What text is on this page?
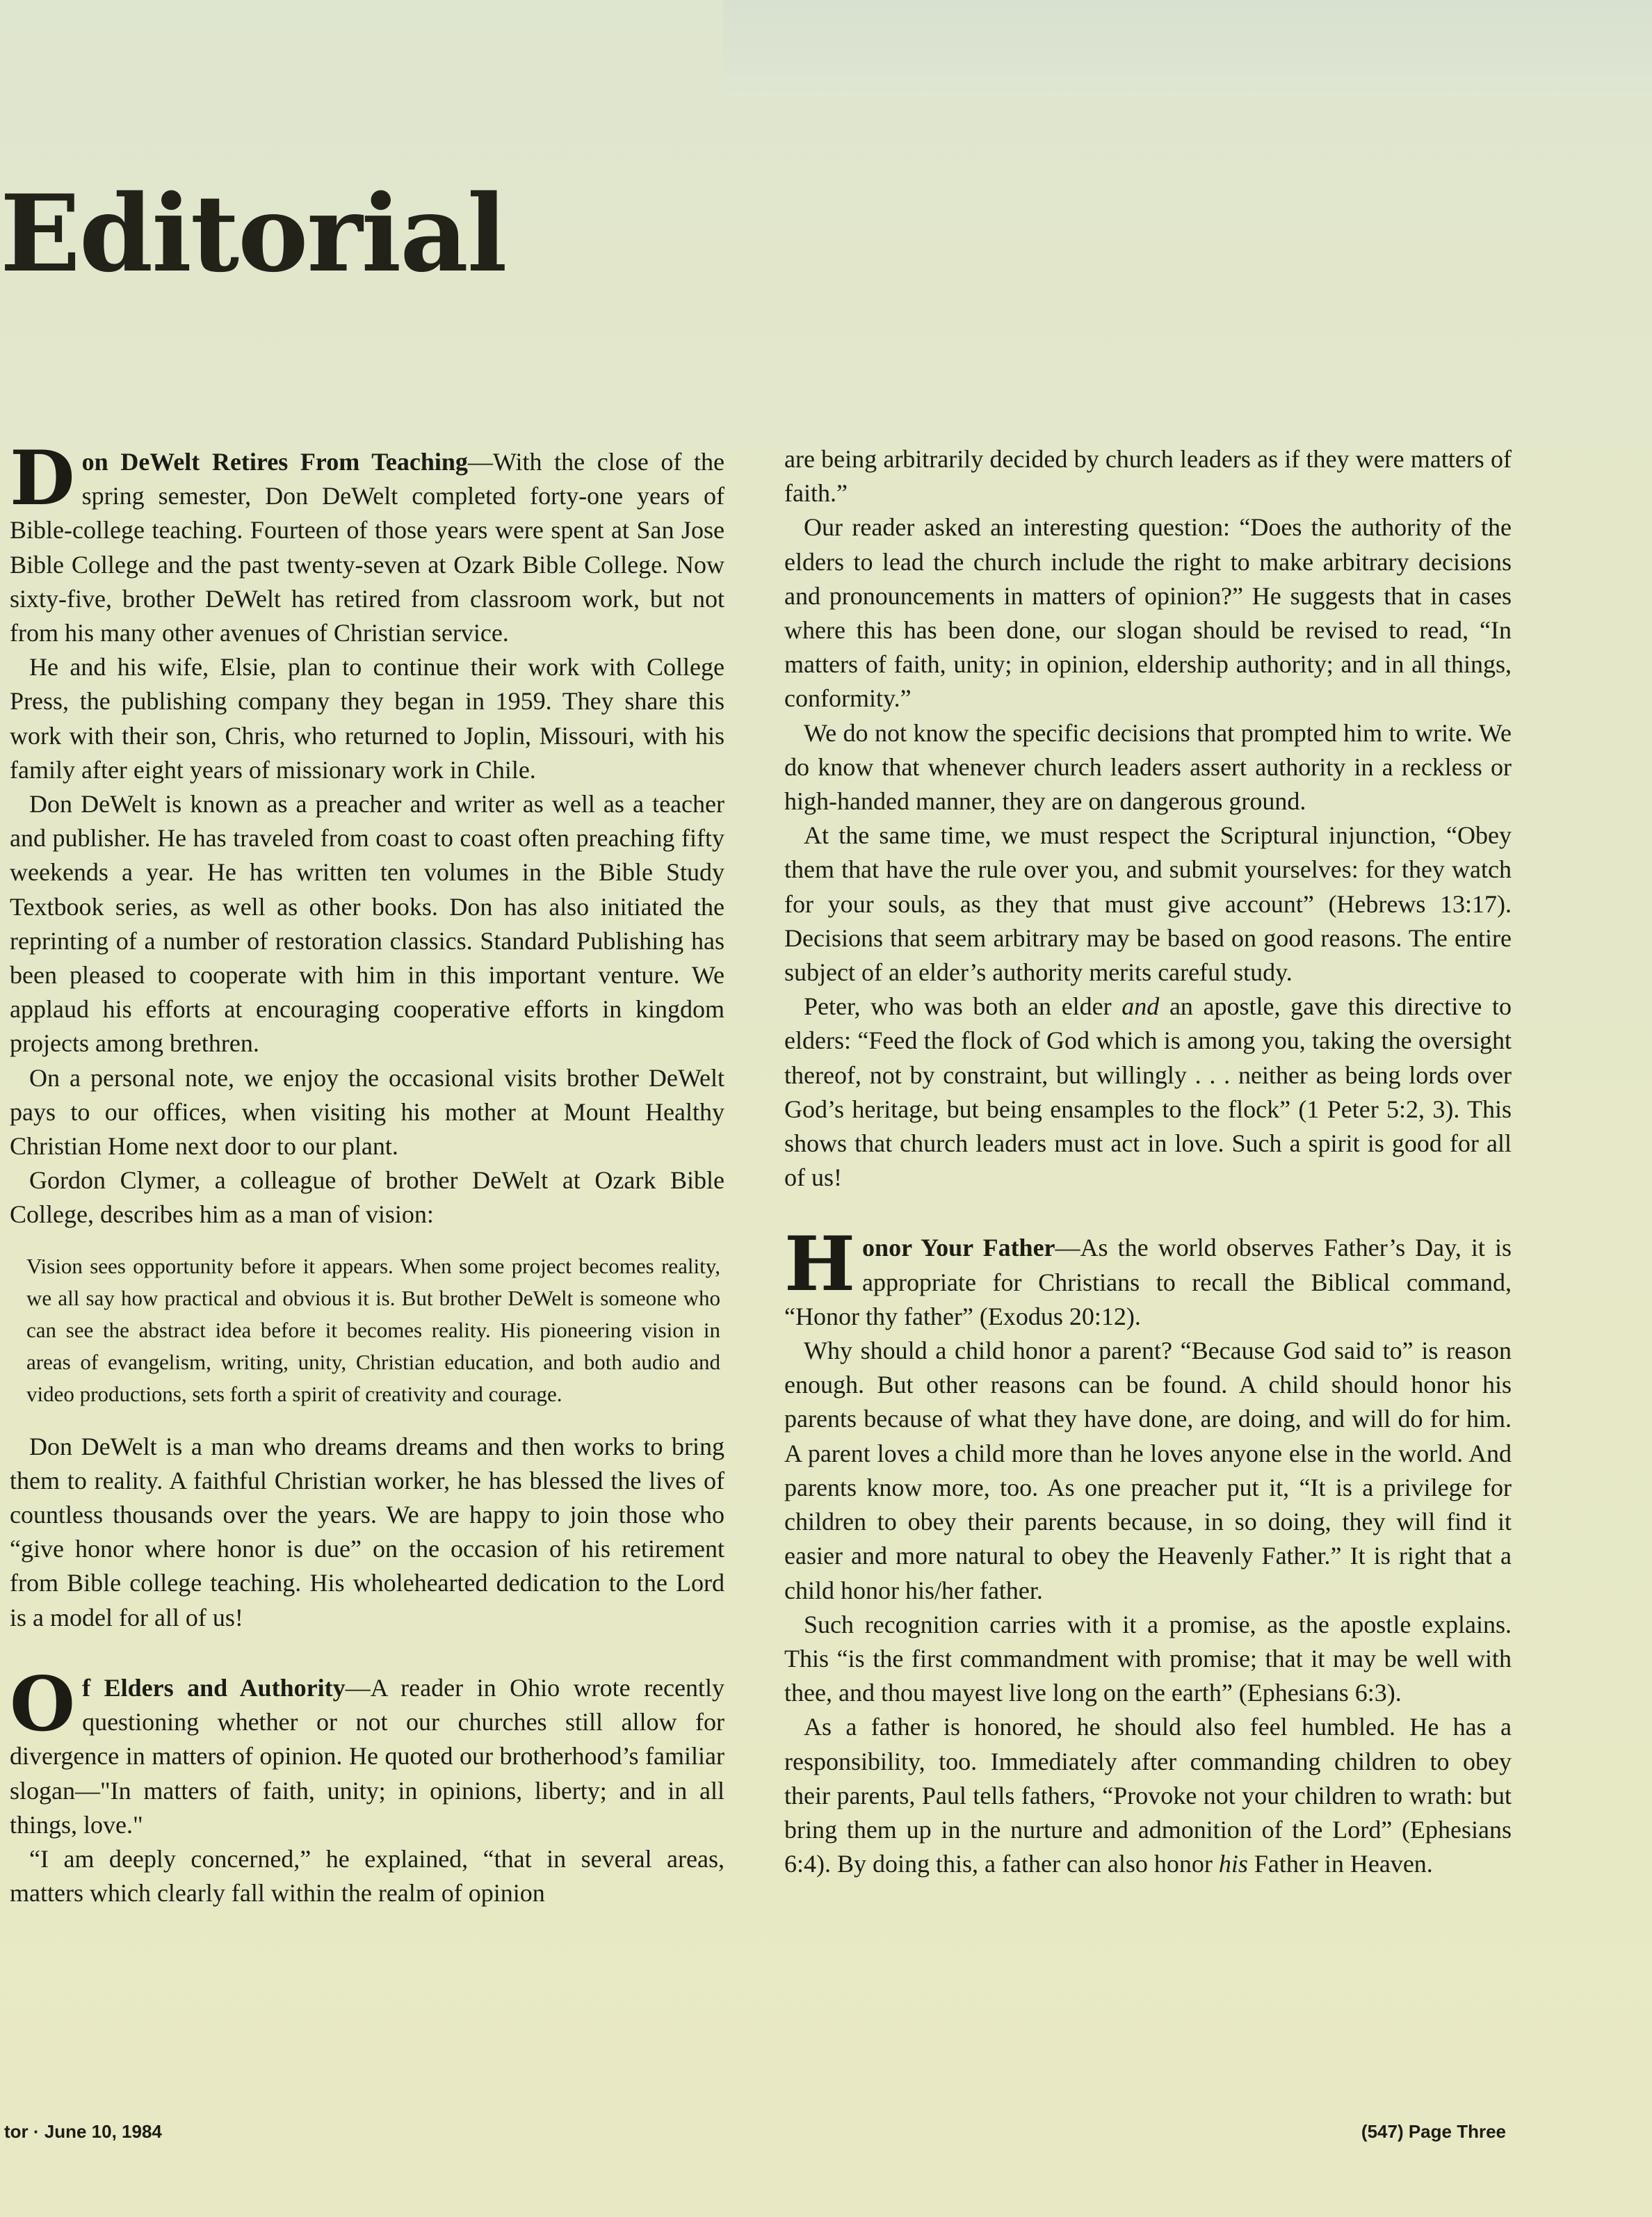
Editorial

Don DeWelt Retires From Teaching—With the close of the spring semester, Don DeWelt completed forty-one years of Bible-college teaching. Fourteen of those years were spent at San Jose Bible College and the past twenty-seven at Ozark Bible College. Now sixty-five, brother DeWelt has retired from classroom work, but not from his many other avenues of Christian service.

He and his wife, Elsie, plan to continue their work with College Press, the publishing company they began in 1959. They share this work with their son, Chris, who returned to Joplin, Missouri, with his family after eight years of missionary work in Chile.

Don DeWelt is known as a preacher and writer as well as a teacher and publisher. He has traveled from coast to coast often preaching fifty weekends a year. He has written ten volumes in the Bible Study Textbook series, as well as other books. Don has also initiated the reprinting of a number of restoration classics. Standard Publishing has been pleased to cooperate with him in this important venture. We applaud his efforts at encouraging cooperative efforts in kingdom projects among brethren.

On a personal note, we enjoy the occasional visits brother DeWelt pays to our offices, when visiting his mother at Mount Healthy Christian Home next door to our plant.

Gordon Clymer, a colleague of brother DeWelt at Ozark Bible College, describes him as a man of vision:

Vision sees opportunity before it appears. When some project becomes reality, we all say how practical and obvious it is. But brother DeWelt is someone who can see the abstract idea before it becomes reality. His pioneering vision in areas of evangelism, writing, unity, Christian education, and both audio and video productions, sets forth a spirit of creativity and courage.

Don DeWelt is a man who dreams dreams and then works to bring them to reality. A faithful Christian worker, he has blessed the lives of countless thousands over the years. We are happy to join those who “give honor where honor is due” on the occasion of his retirement from Bible college teaching. His wholehearted dedication to the Lord is a model for all of us!

Of Elders and Authority—A reader in Ohio wrote recently questioning whether or not our churches still allow for divergence in matters of opinion. He quoted our brotherhood’s familiar slogan—"In matters of faith, unity; in opinions, liberty; and in all things, love."

“I am deeply concerned,” he explained, “that in several areas, matters which clearly fall within the realm of opinion

are being arbitrarily decided by church leaders as if they were matters of faith.”

Our reader asked an interesting question: “Does the authority of the elders to lead the church include the right to make arbitrary decisions and pronouncements in matters of opinion?” He suggests that in cases where this has been done, our slogan should be revised to read, “In matters of faith, unity; in opinion, eldership authority; and in all things, conformity.”

We do not know the specific decisions that prompted him to write. We do know that whenever church leaders assert authority in a reckless or high-handed manner, they are on dangerous ground.

At the same time, we must respect the Scriptural injunction, “Obey them that have the rule over you, and submit yourselves: for they watch for your souls, as they that must give account” (Hebrews 13:17). Decisions that seem arbitrary may be based on good reasons. The entire subject of an elder’s authority merits careful study.

Peter, who was both an elder and an apostle, gave this directive to elders: “Feed the flock of God which is among you, taking the oversight thereof, not by constraint, but willingly . . . neither as being lords over God’s heritage, but being ensamples to the flock” (1 Peter 5:2, 3). This shows that church leaders must act in love. Such a spirit is good for all of us!

Honor Your Father—As the world observes Father’s Day, it is appropriate for Christians to recall the Biblical command, “Honor thy father” (Exodus 20:12).

Why should a child honor a parent? “Because God said to” is reason enough. But other reasons can be found. A child should honor his parents because of what they have done, are doing, and will do for him. A parent loves a child more than he loves anyone else in the world. And parents know more, too. As one preacher put it, “It is a privilege for children to obey their parents because, in so doing, they will find it easier and more natural to obey the Heavenly Father.” It is right that a child honor his/her father.

Such recognition carries with it a promise, as the apostle explains. This “is the first commandment with promise; that it may be well with thee, and thou mayest live long on the earth” (Ephesians 6:3).

As a father is honored, he should also feel humbled. He has a responsibility, too. Immediately after commanding children to obey their parents, Paul tells fathers, “Provoke not your children to wrath: but bring them up in the nurture and admonition of the Lord” (Ephesians 6:4). By doing this, a father can also honor his Father in Heaven.

tor · June 10, 1984	(547) Page Three
